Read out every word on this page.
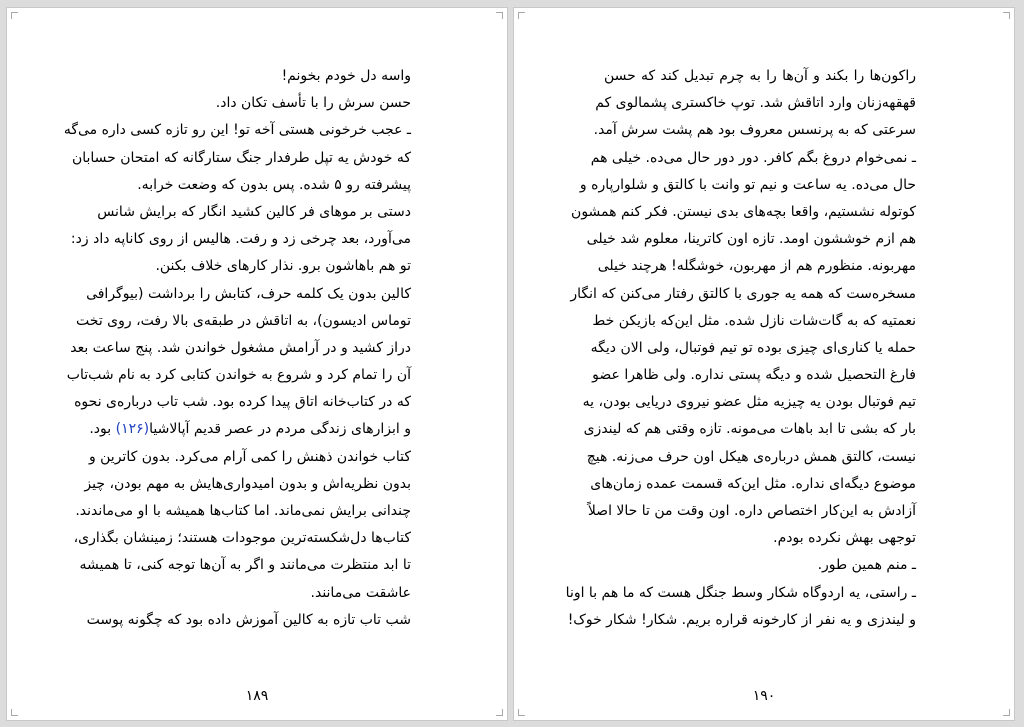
واسه دل خودم بخونم!
حسن سرش را با تأسف تکان داد.
ـ عجب خرخونی هستی آخه تو! این رو تازه کسی داره می‌گه
که خودش یه تپل طرفدار جنگ ستارگانه که امتحان حسابان
پیشرفته رو ۵ شده. پس بدون که وضعت خرابه.
دستی بر موهای فر کالین کشید انگار که برایش شانس
می‌آورد، بعد چرخی زد و رفت. هالیس از روی کاناپه داد زد:
تو هم باهاشون برو. نذار کارهای خلاف بکنن.
کالین بدون یک کلمه حرف، کتابش را برداشت (بیوگرافی
توماس ادیسون)، به اتاقش در طبقه‌ی بالا رفت، روی تخت
دراز کشید و در آرامش مشغول خواندن شد. پنج ساعت بعد
آن را تمام کرد و شروع به خواندن کتابی کرد به نام شب‌تاب
که در کتاب‌خانه اتاق پیدا کرده بود. شب تاب درباره‌ی نحوه
و ابزارهای زندگی مردم در عصر قدیم آپالاشیا(۱۲۶) بود.
کتاب خواندن ذهنش را کمی آرام می‌کرد. بدون کاترین و
بدون نظریه‌اش و بدون امیدواری‌هایش به مهم بودن، چیز
چندانی برایش نمی‌ماند. اما کتاب‌ها همیشه با او می‌ماندند.
کتاب‌ها دل‌شکسته‌ترین موجودات هستند؛ زمینشان بگذاری،
تا ابد منتظرت می‌مانند و اگر به آن‌ها توجه کنی، تا همیشه
عاشقت می‌مانند.
شب تاب تازه به کالین آموزش داده بود که چگونه پوست
۱۸۹
راکون‌ها را بکند و آن‌ها را به چرم تبدیل کند که حسن
قهقهه‌زنان وارد اتاقش شد. توپ خاکستری پشمالوی کم
سرعتی که به پرنسس معروف بود هم پشت سرش آمد.
ـ نمی‌خوام دروغ بگم کافر. دور دور حال می‌ده. خیلی هم
حال می‌ده. یه ساعت و نیم تو وانت با کالتق و شلوارپاره و
کوتوله نشستیم، واقعا بچه‌های بدی نیستن. فکر کنم همشون
هم ازم خوششون اومد. تازه اون کاترینا، معلوم شد خیلی
مهربونه. منظورم هم از مهربون، خوشگله! هرچند خیلی
مسخره‌ست که همه یه جوری با کالتق رفتار می‌کنن که انگار
نعمتیه که به گات‌شات نازل شده. مثل این‌که بازیکن خط
حمله یا کناری‌ای چیزی بوده تو تیم فوتبال، ولی الان دیگه
فارغ التحصیل شده و دیگه پستی نداره. ولی ظاهرا عضو
تیم فوتبال بودن یه چیزیه مثل عضو نیروی دریایی بودن، یه
بار که بشی تا ابد باهات می‌مونه. تازه وقتی هم که لیندزی
نیست، کالتق همش درباره‌ی هیکل اون حرف می‌زنه. هیچ
موضوع دیگه‌ای نداره. مثل این‌که قسمت عمده زمان‌های
آزادش به این‌کار اختصاص داره. اون وقت من تا حالا اصلاً
توجهی بهش نکرده بودم.
ـ منم همین طور.
ـ راستی، یه اردوگاه شکار وسط جنگل هست که ما هم با اونا
و لیندزی و یه نفر از کارخونه قراره بریم. شکار! شکار خوک!
۱۹۰
